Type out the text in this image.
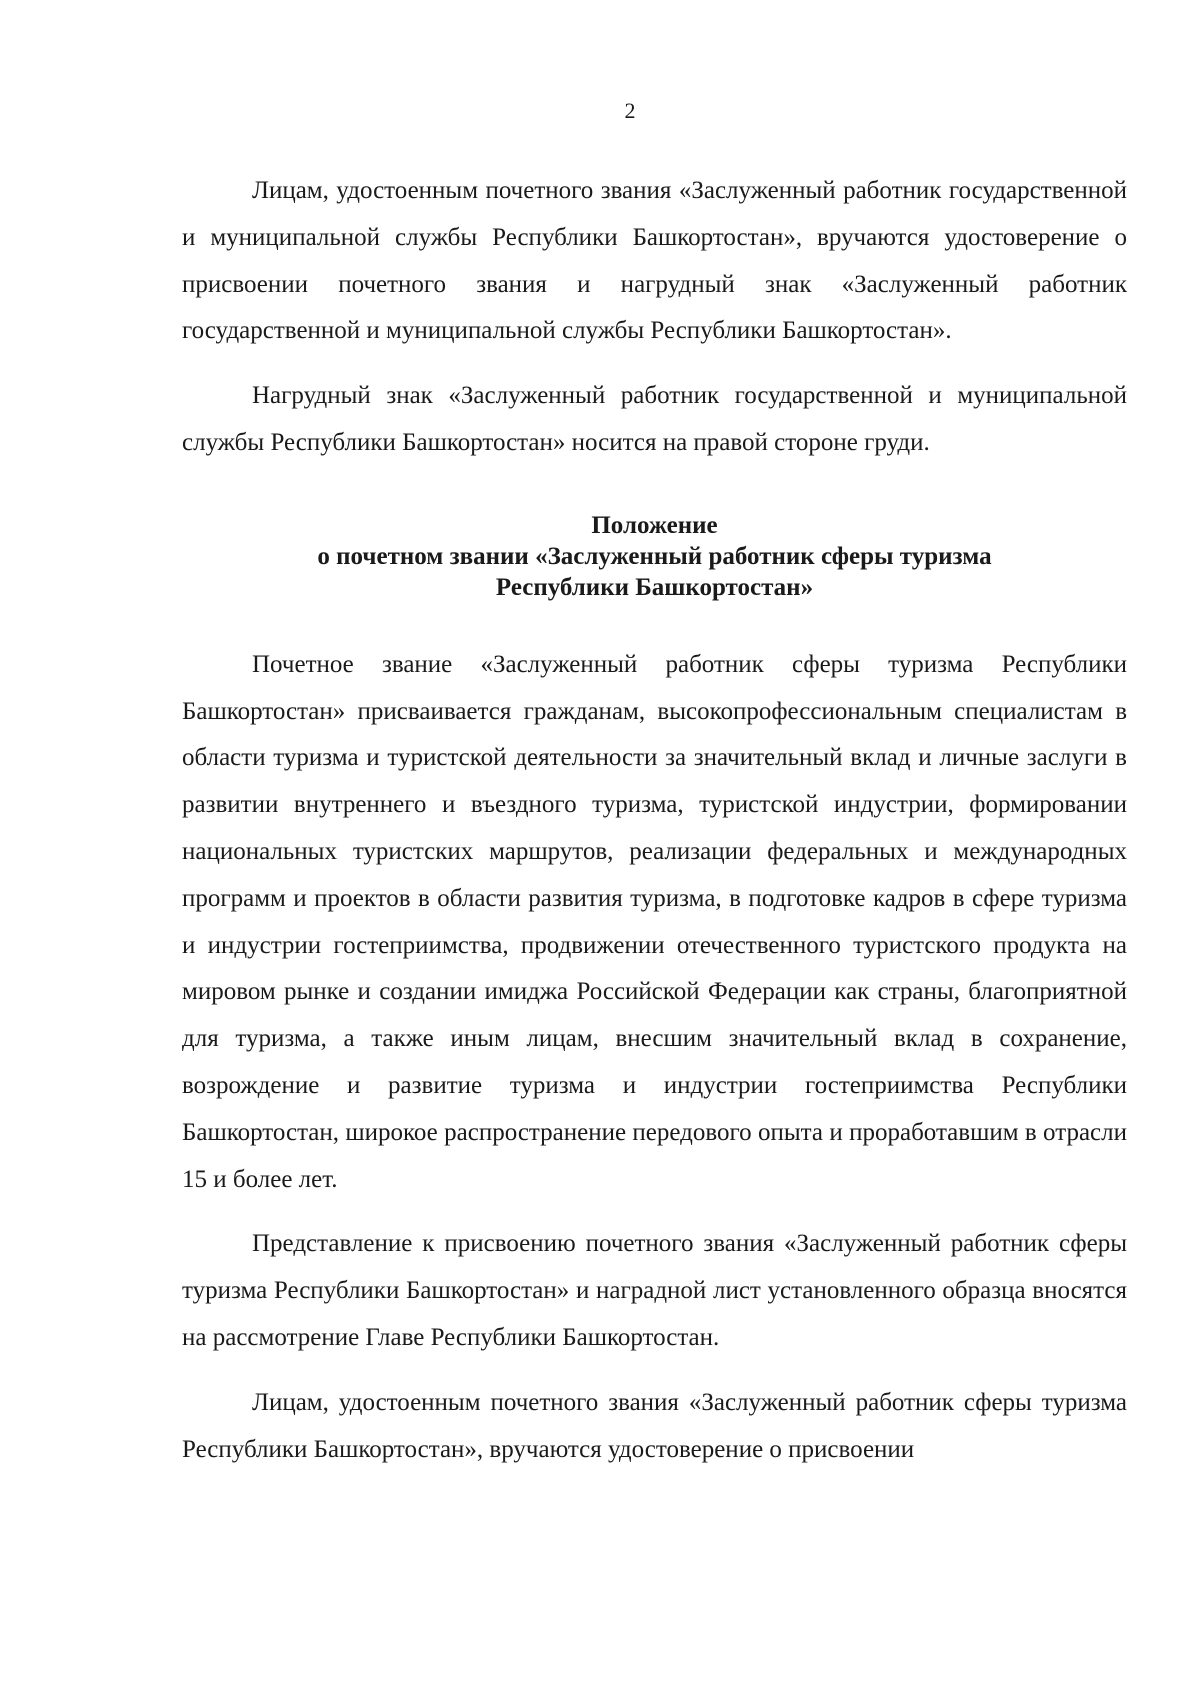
2

Лицам, удостоенным почетного звания «Заслуженный работник государственной и муниципальной службы Республики Башкортостан», вручаются удостоверение о присвоении почетного звания и нагрудный знак «Заслуженный работник государственной и муниципальной службы Республики Башкортостан».

Нагрудный знак «Заслуженный работник государственной и муниципальной службы Республики Башкортостан» носится на правой стороне груди.

Положение
о почетном звании «Заслуженный работник сферы туризма
Республики Башкортостан»

Почетное звание «Заслуженный работник сферы туризма Республики Башкортостан» присваивается гражданам, высокопрофессиональным специалистам в области туризма и туристской деятельности за значительный вклад и личные заслуги в развитии внутреннего и въездного туризма, туристской индустрии, формировании национальных туристских маршрутов, реализации федеральных и международных программ и проектов в области развития туризма, в подготовке кадров в сфере туризма и индустрии гостеприимства, продвижении отечественного туристского продукта на мировом рынке и создании имиджа Российской Федерации как страны, благоприятной для туризма, а также иным лицам, внесшим значительный вклад в сохранение, возрождение и развитие туризма и индустрии гостеприимства Республики Башкортостан, широкое распространение передового опыта и проработавшим в отрасли 15 и более лет.

Представление к присвоению почетного звания «Заслуженный работник сферы туризма Республики Башкортостан» и наградной лист установленного образца вносятся на рассмотрение Главе Республики Башкортостан.

Лицам, удостоенным почетного звания «Заслуженный работник сферы туризма Республики Башкортостан», вручаются удостоверение о присвоении
